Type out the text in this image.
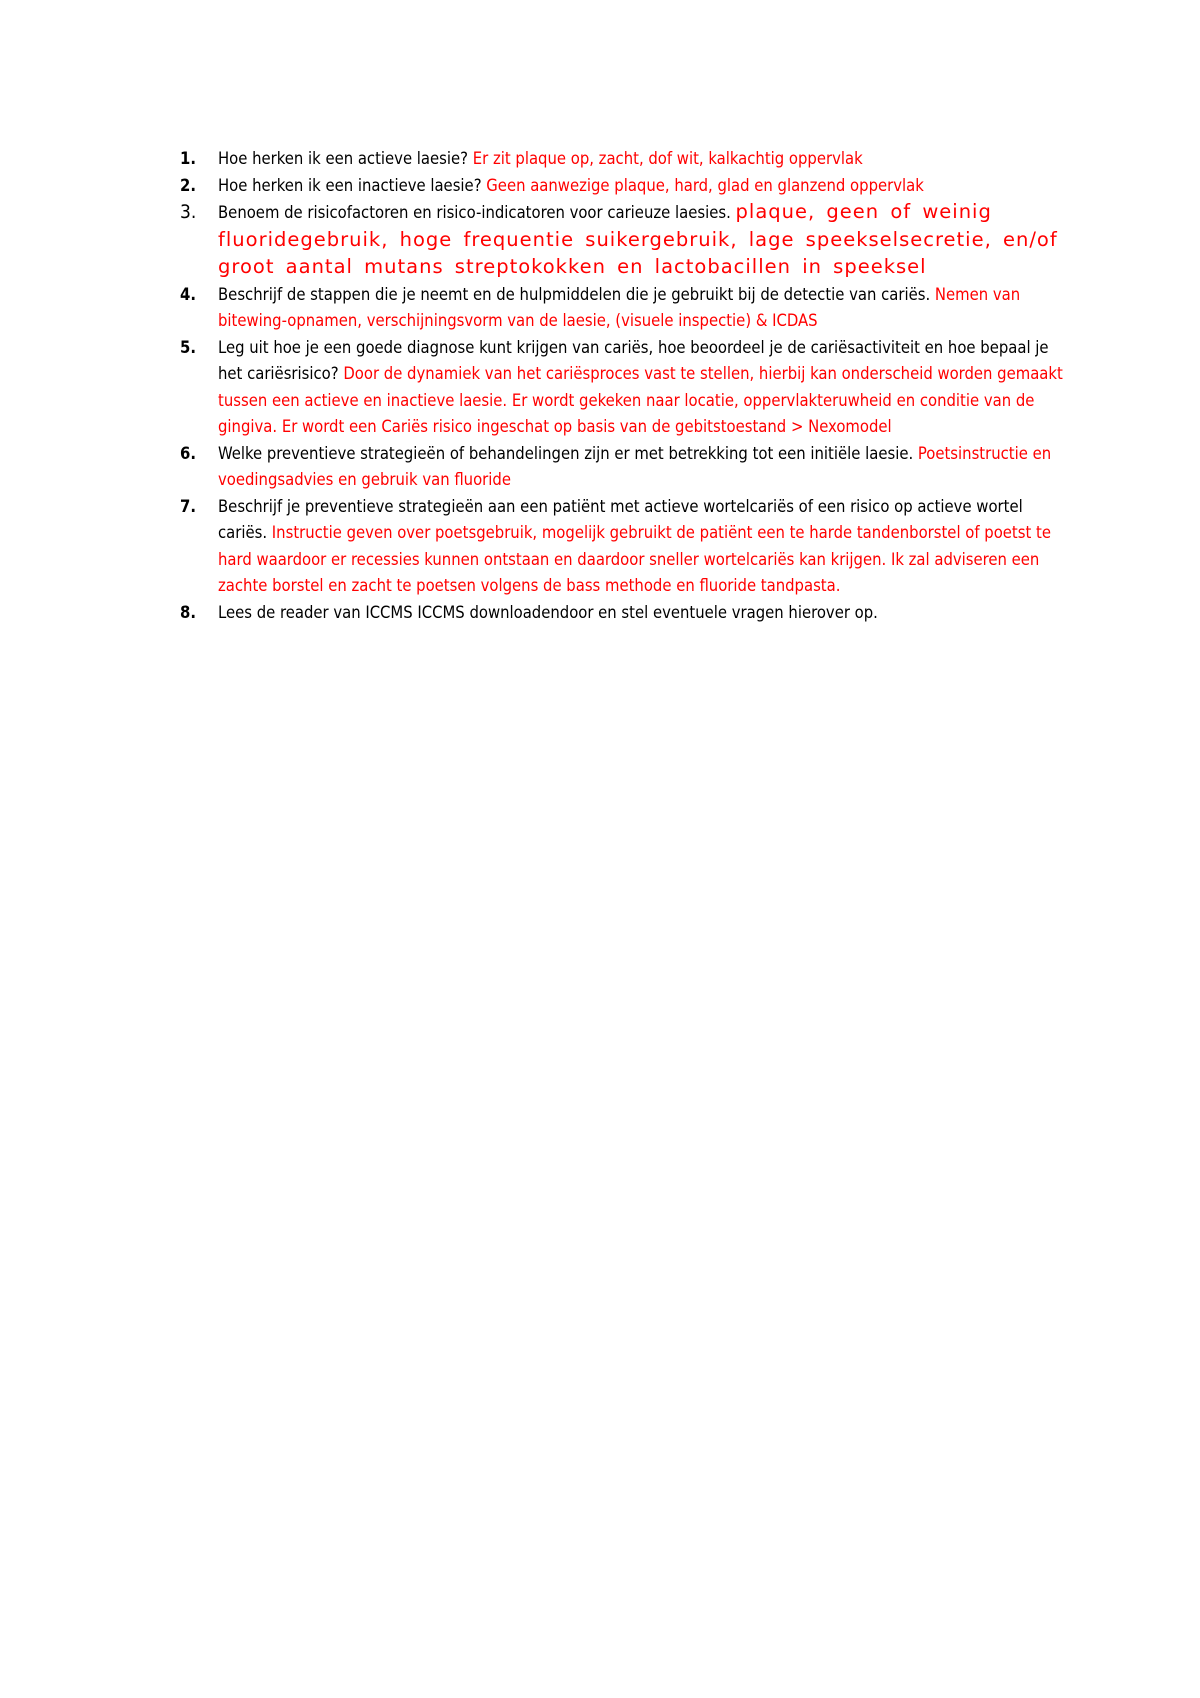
1. Hoe herken ik een actieve laesie? Er zit plaque op, zacht, dof wit, kalkachtig oppervlak
2. Hoe herken ik een inactieve laesie? Geen aanwezige plaque, hard, glad en glanzend oppervlak
3. Benoem de risicofactoren en risico-indicatoren voor carieuze laesies. plaque, geen of weinig fluoridegebruik, hoge frequentie suikergebruik, lage speekselsecretie, en/of groot aantal mutans streptokokken en lactobacillen in speeksel
4. Beschrijf de stappen die je neemt en de hulpmiddelen die je gebruikt bij de detectie van cariës. Nemen van bitewing-opnamen, verschijningsvorm van de laesie, (visuele inspectie) & ICDAS
5. Leg uit hoe je een goede diagnose kunt krijgen van cariës, hoe beoordeel je de cariësactiviteit en hoe bepaal je het cariësrisico? Door de dynamiek van het cariësproces vast te stellen, hierbij kan onderscheid worden gemaakt tussen een actieve en inactieve laesie. Er wordt gekeken naar locatie, oppervlakteruwheid en conditie van de gingiva. Er wordt een Cariës risico ingeschat op basis van de gebitstoestand > Nexomodel
6. Welke preventieve strategieën of behandelingen zijn er met betrekking tot een initiële laesie. Poetsinstructie en voedingsadvies en gebruik van fluoride
7. Beschrijf je preventieve strategieën aan een patiënt met actieve wortelcariës of een risico op actieve wortel cariës. Instructie geven over poetsgebruik, mogelijk gebruikt de patiënt een te harde tandenborstel of poetst te hard waardoor er recessies kunnen ontstaan en daardoor sneller wortelcariës kan krijgen. Ik zal adviseren een zachte borstel en zacht te poetsen volgens de bass methode en fluoride tandpasta.
8. Lees de reader van ICCMS ICCMS downloadendoor en stel eventuele vragen hierover op.
